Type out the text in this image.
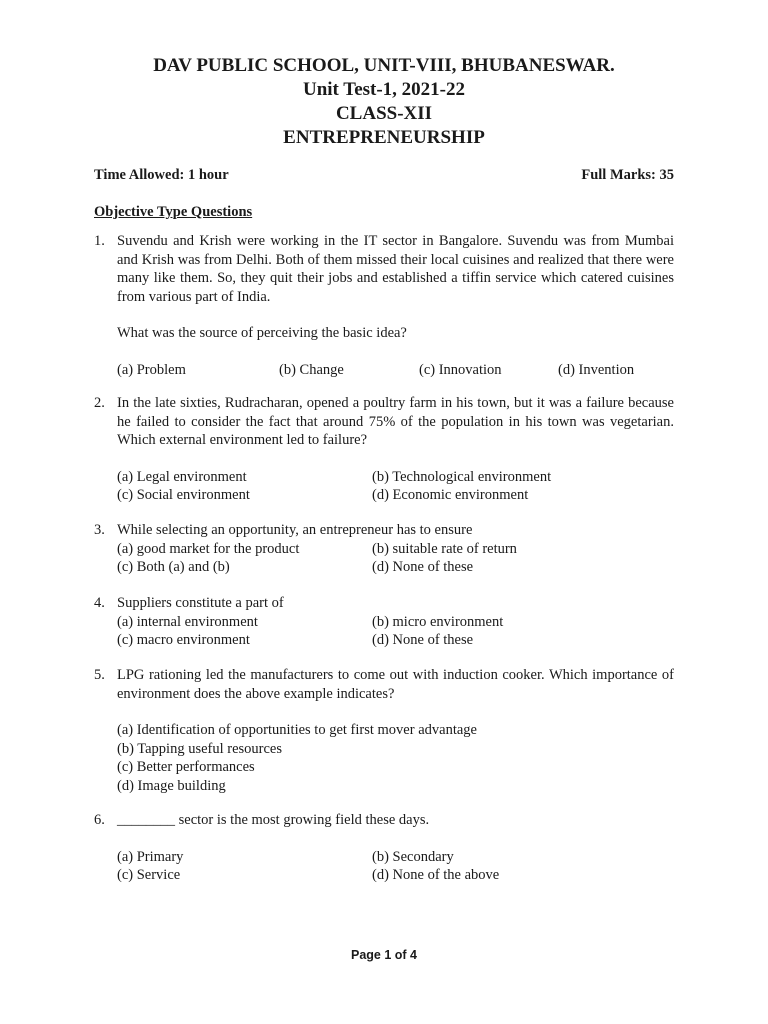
DAV PUBLIC SCHOOL, UNIT-VIII, BHUBANESWAR.
Unit Test-1, 2021-22
CLASS-XII
ENTREPRENEURSHIP
Time Allowed: 1 hour	Full Marks: 35
Objective Type Questions
1. Suvendu and Krish were working in the IT sector in Bangalore. Suvendu was from Mumbai and Krish was from Delhi. Both of them missed their local cuisines and realized that there were many like them. So, they quit their jobs and established a tiffin service which catered cuisines from various part of India.
What was the source of perceiving the basic idea?
(a) Problem	(b) Change	(c) Innovation	(d) Invention
2. In the late sixties, Rudracharan, opened a poultry farm in his town, but it was a failure because he failed to consider the fact that around 75% of the population in his town was vegetarian. Which external environment led to failure?
(a) Legal environment	(b) Technological environment
(c) Social environment	(d) Economic environment
3. While selecting an opportunity, an entrepreneur has to ensure
(a) good market for the product	(b) suitable rate of return
(c) Both (a) and (b)	(d) None of these
4. Suppliers constitute a part of
(a) internal environment	(b) micro environment
(c) macro environment	(d) None of these
5. LPG rationing led the manufacturers to come out with induction cooker. Which importance of environment does the above example indicates?
(a) Identification of opportunities to get first mover advantage
(b) Tapping useful resources
(c) Better performances
(d) Image building
6. ________ sector is the most growing field these days.
(a) Primary	(b) Secondary
(c) Service	(d) None of the above
Page 1 of 4
